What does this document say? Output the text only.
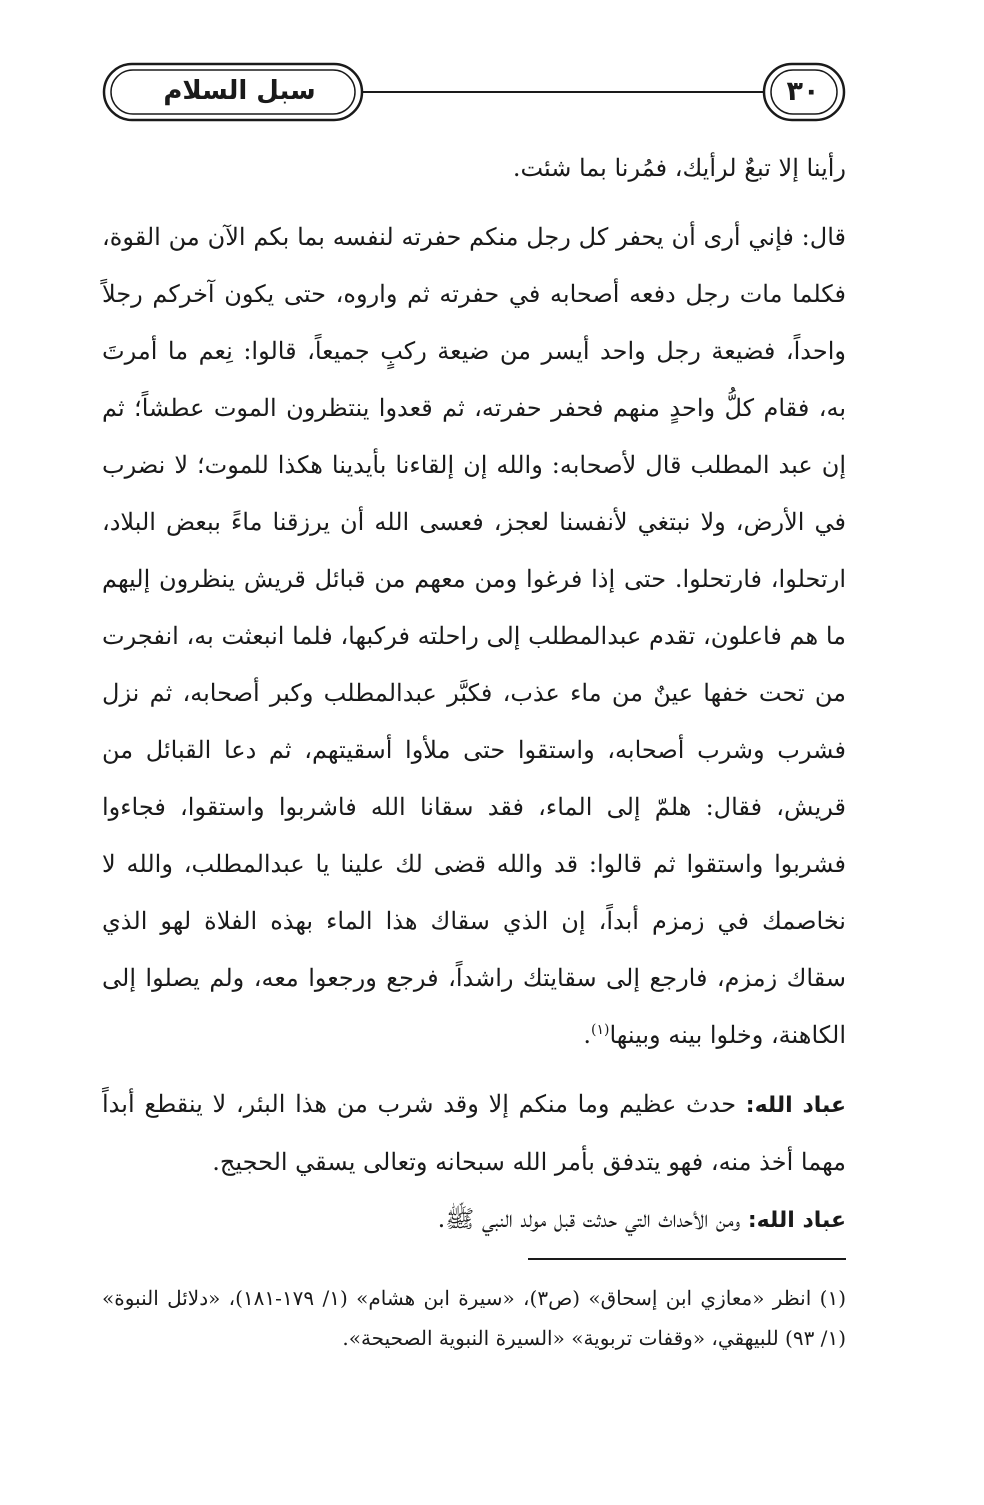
سبل السلام	٣٠

رأينا إلا تبعٌ لرأيك، فمُرنا بما شئت.

قال: فإني أرى أن يحفر كل رجل منكم حفرته لنفسه بما بكم الآن من القوة، فكلما مات رجل دفعه أصحابه في حفرته ثم واروه، حتى يكون آخركم رجلاً واحداً، فضيعة رجل واحد أيسر من ضيعة ركبٍ جميعاً، قالوا: نِعم ما أمرتَ به، فقام كلُّ واحدٍ منهم فحفر حفرته، ثم قعدوا ينتظرون الموت عطشاً؛ ثم إن عبد المطلب قال لأصحابه: والله إن إلقاءنا بأيدينا هكذا للموت؛ لا نضرب في الأرض، ولا نبتغي لأنفسنا لعجز، فعسى الله أن يرزقنا ماءً ببعض البلاد، ارتحلوا، فارتحلوا. حتى إذا فرغوا ومن معهم من قبائل قريش ينظرون إليهم ما هم فاعلون، تقدم عبدالمطلب إلى راحلته فركبها، فلما انبعثت به، انفجرت من تحت خفها عينٌ من ماء عذب، فكبَّر عبدالمطلب وكبر أصحابه، ثم نزل فشرب وشرب أصحابه، واستقوا حتى ملأوا أسقيتهم، ثم دعا القبائل من قريش، فقال: هلمّ إلى الماء، فقد سقانا الله فاشربوا واستقوا، فجاءوا فشربوا واستقوا ثم قالوا: قد والله قضى لك علينا يا عبدالمطلب، والله لا نخاصمك في زمزم أبداً، إن الذي سقاك هذا الماء بهذه الفلاة لهو الذي سقاك زمزم، فارجع إلى سقايتك راشداً، فرجع ورجعوا معه، ولم يصلوا إلى الكاهنة، وخلوا بينه وبينها$^{(١)}$.

عباد الله: حدث عظيم وما منكم إلا وقد شرب من هذا البئر، لا ينقطع أبداً مهما أخذ منه، فهو يتدفق بأمر الله سبحانه وتعالى يسقي الحجيج.

عباد الله: ومن الأحداث التي حدثت قبل مولد النبي ﷺ.

(١) انظر «معازي ابن إسحاق» (ص٣)، «سيرة ابن هشام» (١/ ١٧٩-١٨١)، «دلائل النبوة» (١/ ٩٣) للبيهقي، «وقفات تربوية» «السيرة النبوية الصحيحة».
